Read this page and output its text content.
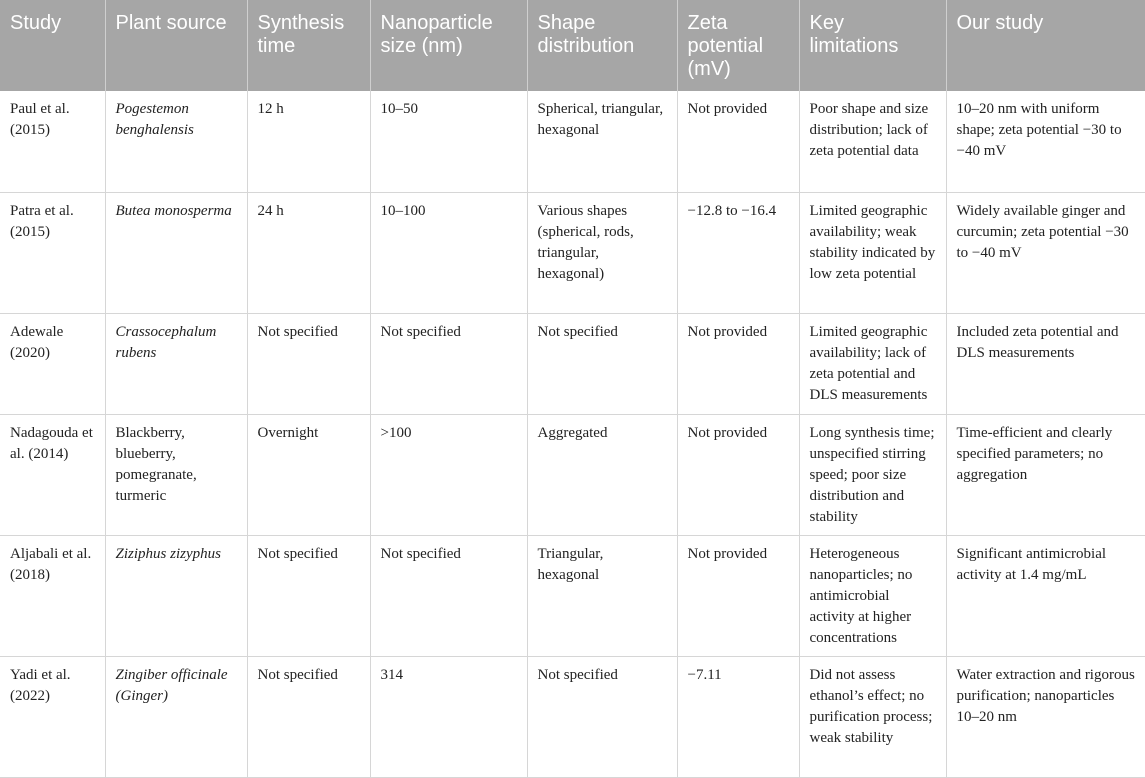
Study	Plant source	Synthesis time	Nanoparticle size (nm)	Shape distribution	Zeta potential (mV)	Key limitations	Our study
Paul et al. (2015)	Pogestemon benghalensis	12 h	10–50	Spherical, triangular, hexagonal	Not provided	Poor shape and size distribution; lack of zeta potential data	10–20 nm with uniform shape; zeta potential −30 to −40 mV
Patra et al. (2015)	Butea monosperma	24 h	10–100	Various shapes (spherical, rods, triangular, hexagonal)	−12.8 to −16.4	Limited geographic availability; weak stability indicated by low zeta potential	Widely available ginger and curcumin; zeta potential −30 to −40 mV
Adewale (2020)	Crassocephalum rubens	Not specified	Not specified	Not specified	Not provided	Limited geographic availability; lack of zeta potential and DLS measurements	Included zeta potential and DLS measurements
Nadagouda et al. (2014)	Blackberry, blueberry, pomegranate, turmeric	Overnight	>100	Aggregated	Not provided	Long synthesis time; unspecified stirring speed; poor size distribution and stability	Time-efficient and clearly specified parameters; no aggregation
Aljabali et al. (2018)	Ziziphus zizyphus	Not specified	Not specified	Triangular, hexagonal	Not provided	Heterogeneous nanoparticles; no antimicrobial activity at higher concentrations	Significant antimicrobial activity at 1.4 mg/mL
Yadi et al. (2022)	Zingiber officinale (Ginger)	Not specified	314	Not specified	−7.11	Did not assess ethanol’s effect; no purification process; weak stability	Water extraction and rigorous purification; nanoparticles 10–20 nm
